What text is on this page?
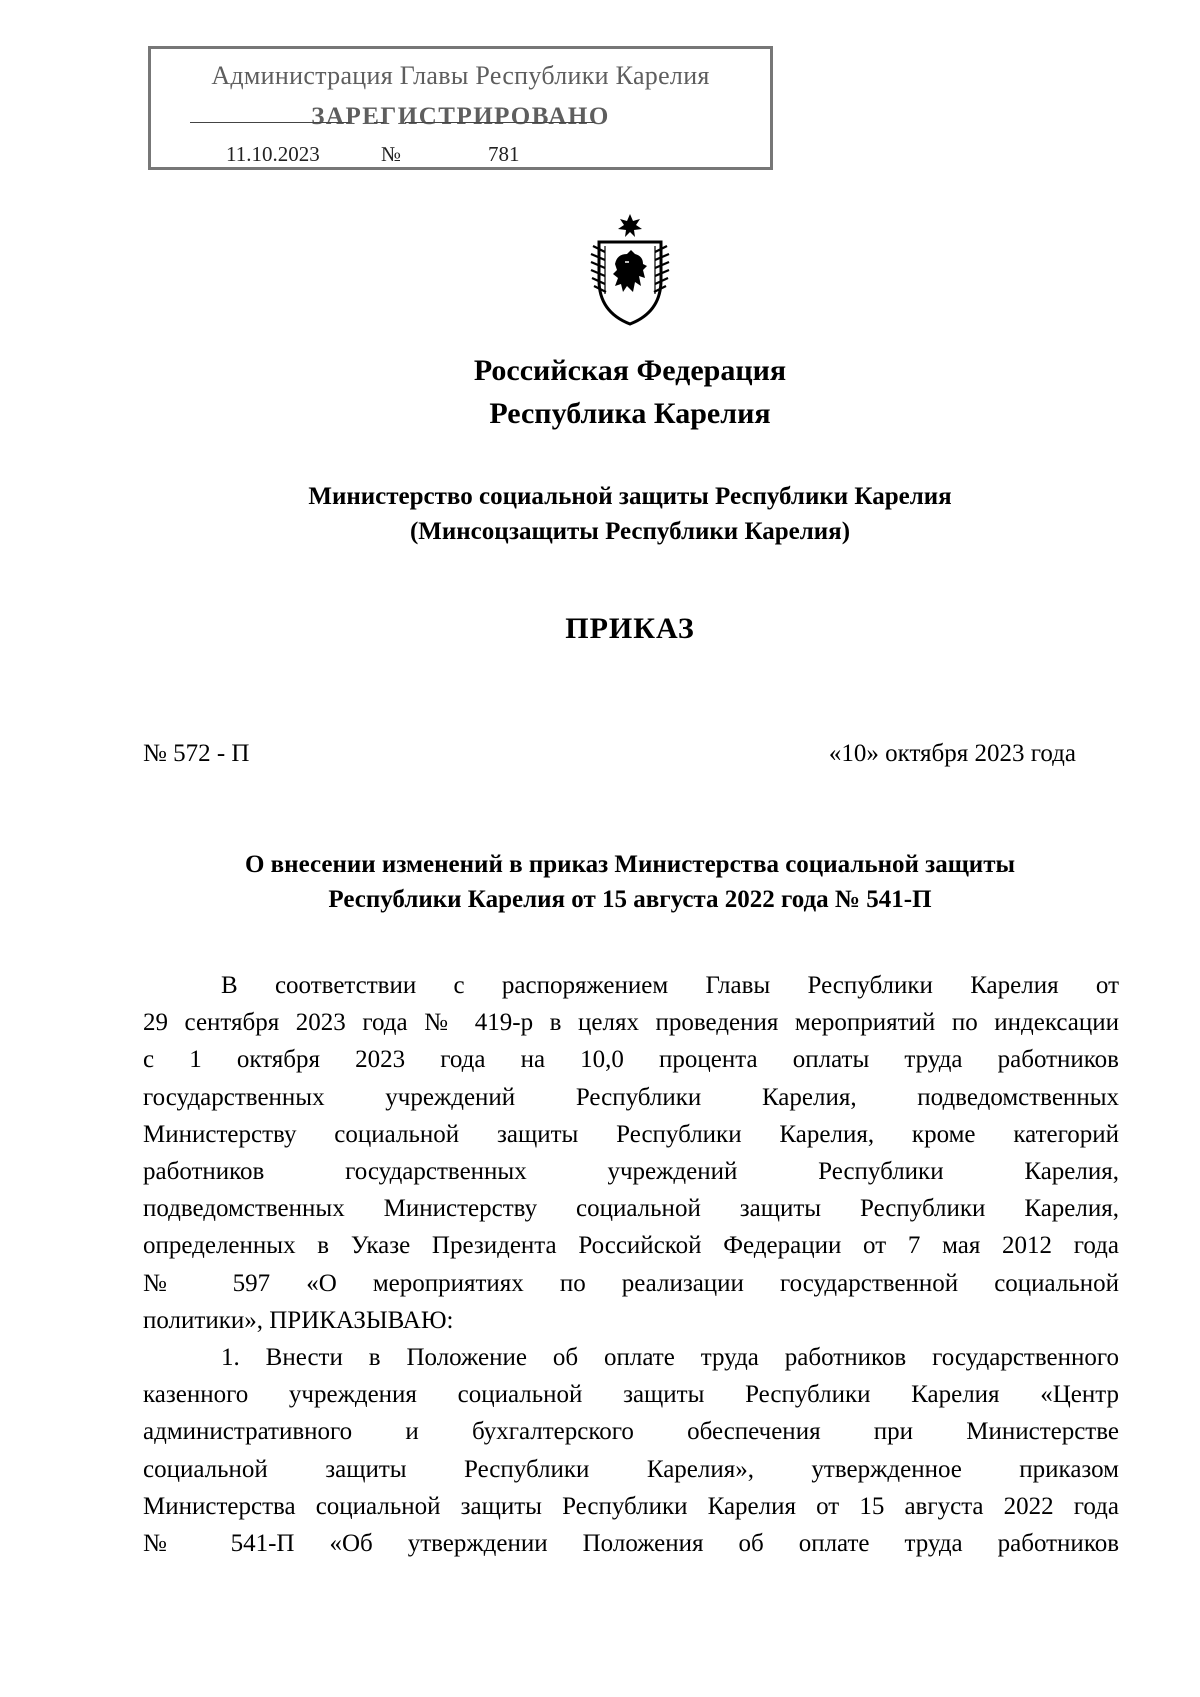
Администрация Главы Республики Карелия
ЗАРЕГИСТРИРОВАНО
11.10.2023	№	781
Российская Федерация
Республика Карелия
Министерство социальной защиты Республики Карелия
(Минсоцзащиты Республики Карелия)
ПРИКАЗ
№ 572 - П	«10» октября 2023 года
О внесении изменений в приказ Министерства социальной защиты
Республики Карелия от 15 августа 2022 года № 541-П
В соответствии с распоряжением Главы Республики Карелия от
29 сентября 2023 года № 419-р в целях проведения мероприятий по индексации
с 1 октября 2023 года на 10,0 процента оплаты труда работников
государственных учреждений Республики Карелия, подведомственных
Министерству социальной защиты Республики Карелия, кроме категорий
работников государственных учреждений Республики Карелия,
подведомственных Министерству социальной защиты Республики Карелия,
определенных в Указе Президента Российской Федерации от 7 мая 2012 года
№ 597 «О мероприятиях по реализации государственной социальной
политики», ПРИКАЗЫВАЮ:
1. Внести в Положение об оплате труда работников государственного
казенного учреждения социальной защиты Республики Карелия «Центр
административного и бухгалтерского обеспечения при Министерстве
социальной защиты Республики Карелия», утвержденное приказом
Министерства социальной защиты Республики Карелия от 15 августа 2022 года
№ 541-П «Об утверждении Положения об оплате труда работников
